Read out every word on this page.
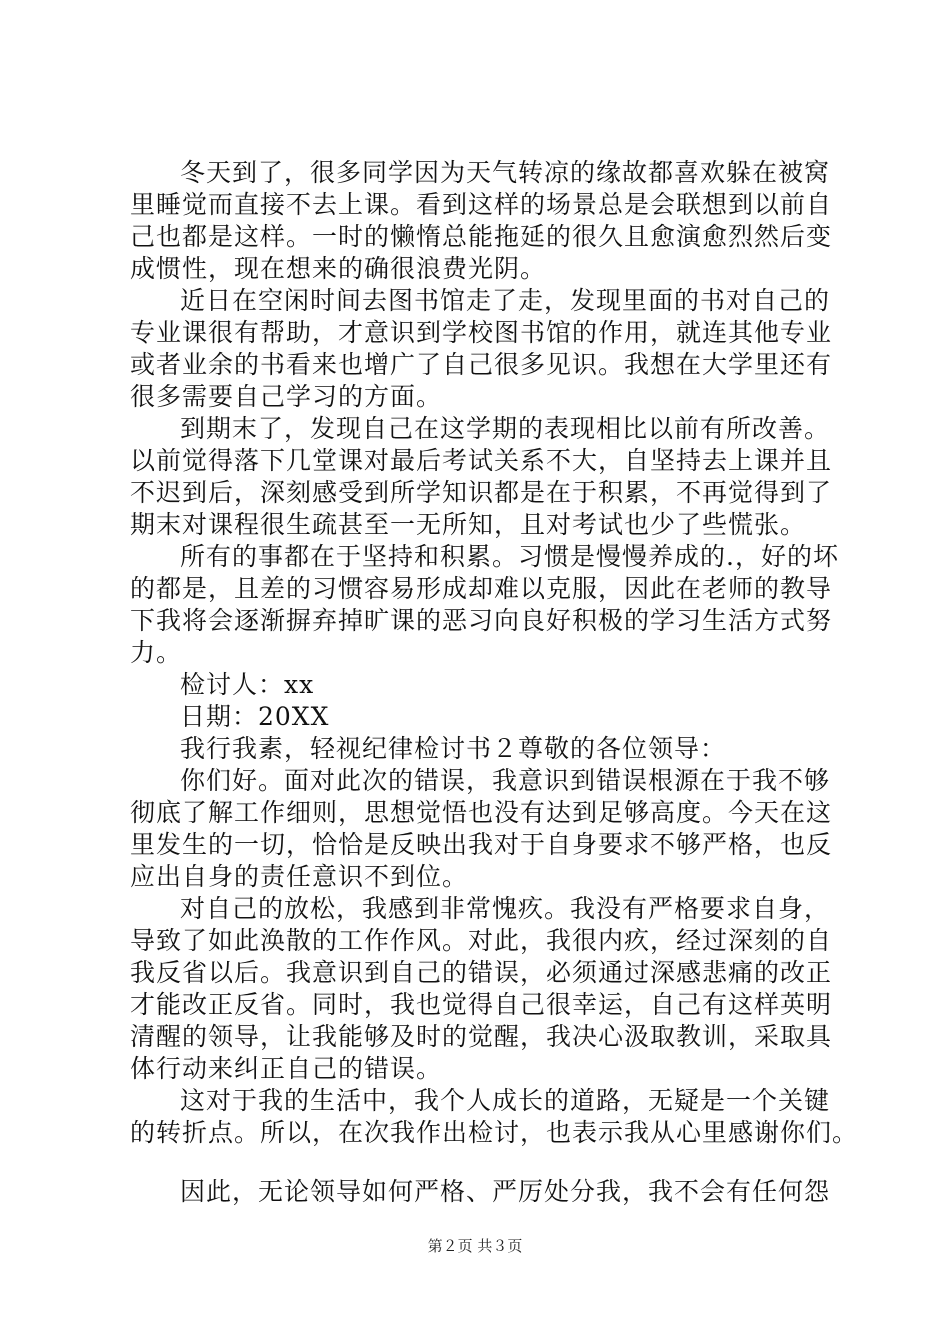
冬天到了，很多同学因为天气转凉的缘故都喜欢躲在被窝
里睡觉而直接不去上课。看到这样的场景总是会联想到以前自
己也都是这样。一时的懒惰总能拖延的很久且愈演愈烈然后变
成惯性，现在想来的确很浪费光阴。
近日在空闲时间去图书馆走了走，发现里面的书对自己的
专业课很有帮助，才意识到学校图书馆的作用，就连其他专业
或者业余的书看来也增广了自己很多见识。我想在大学里还有
很多需要自己学习的方面。
到期末了，发现自己在这学期的表现相比以前有所改善。
以前觉得落下几堂课对最后考试关系不大，自坚持去上课并且
不迟到后，深刻感受到所学知识都是在于积累，不再觉得到了
期末对课程很生疏甚至一无所知，且对考试也少了些慌张。
所有的事都在于坚持和积累。习惯是慢慢养成的.，好的坏
的都是，且差的习惯容易形成却难以克服，因此在老师的教导
下我将会逐渐摒弃掉旷课的恶习向良好积极的学习生活方式努
力。
检讨人：xx
日期：20XX
我行我素，轻视纪律检讨书２尊敬的各位领导：
你们好。面对此次的错误，我意识到错误根源在于我不够
彻底了解工作细则，思想觉悟也没有达到足够高度。今天在这
里发生的一切，恰恰是反映出我对于自身要求不够严格，也反
应出自身的责任意识不到位。
对自己的放松，我感到非常愧疚。我没有严格要求自身，
导致了如此涣散的工作作风。对此，我很内疚，经过深刻的自
我反省以后。我意识到自己的错误，必须通过深感悲痛的改正
才能改正反省。同时，我也觉得自己很幸运，自己有这样英明
清醒的领导，让我能够及时的觉醒，我决心汲取教训，采取具
体行动来纠正自己的错误。
这对于我的生活中，我个人成长的道路，无疑是一个关键
的转折点。所以，在次我作出检讨，也表示我从心里感谢你们。
因此，无论领导如何严格、严厉处分我，我不会有任何怨
第２页 共３页
